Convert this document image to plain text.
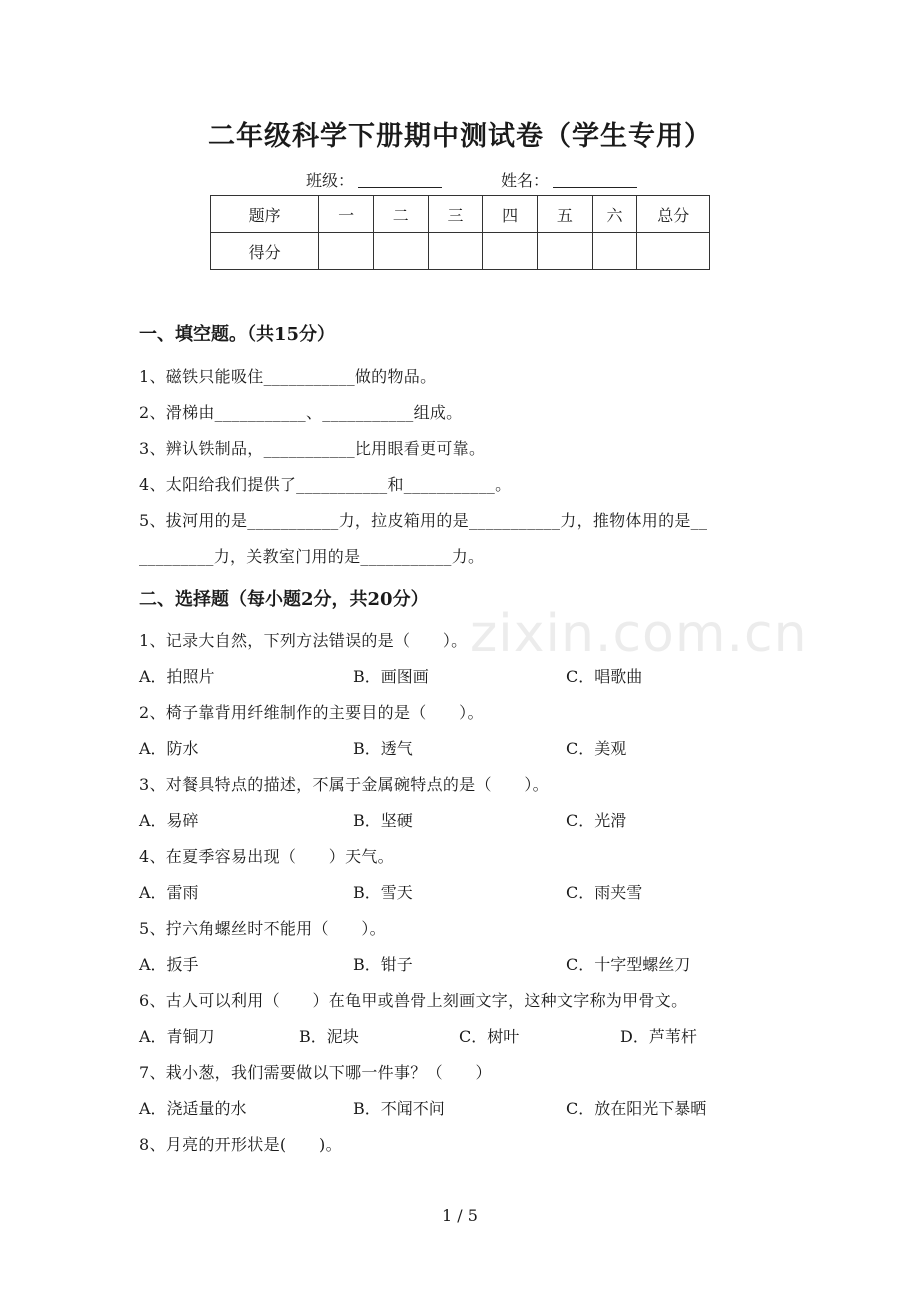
二年级科学下册期中测试卷（学生专用）
班级：	姓名：
题序	一	二	三	四	五	六	总分
得分							
一、填空题。（共15分）
1、磁铁只能吸住___________做的物品。
2、滑梯由___________、___________组成。
3、辨认铁制品，___________比用眼看更可靠。
4、太阳给我们提供了___________和___________。
5、拔河用的是___________力，拉皮箱用的是___________力，推物体用的是__
_________力，关教室门用的是___________力。
二、选择题（每小题2分，共20分）
zixin.com.cn
1、记录大自然，下列方法错误的是（　　）。
A．拍照片	B．画图画	C．唱歌曲
2、椅子靠背用纤维制作的主要目的是（　　）。
A．防水	B．透气	C．美观
3、对餐具特点的描述，不属于金属碗特点的是（　　）。
A．易碎	B．坚硬	C．光滑
4、在夏季容易出现（　　）天气。
A．雷雨	B．雪天	C．雨夹雪
5、拧六角螺丝时不能用（　　）。
A．扳手	B．钳子	C．十字型螺丝刀
6、古人可以利用（　　）在龟甲或兽骨上刻画文字，这种文字称为甲骨文。
A．青铜刀	B．泥块	C．树叶	D．芦苇杆
7、栽小葱，我们需要做以下哪一件事？（　　）
A．浇适量的水	B．不闻不问	C．放在阳光下暴晒
8、月亮的开形状是(　　)。
1 / 5
